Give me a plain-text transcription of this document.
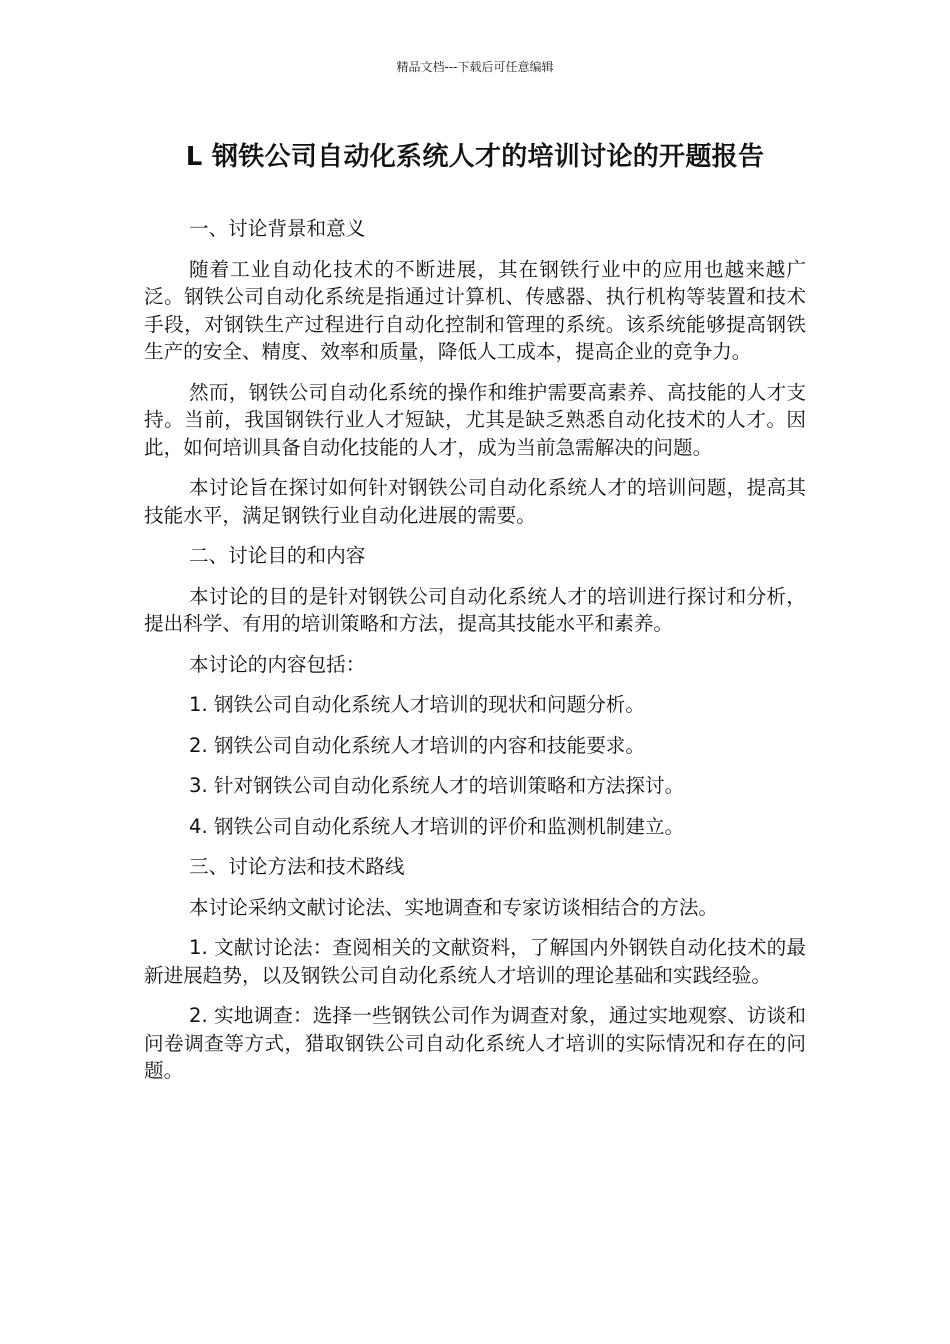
精品文档---下载后可任意编辑
L 钢铁公司自动化系统人才的培训讨论的开题报告

一、讨论背景和意义

随着工业自动化技术的不断进展，其在钢铁行业中的应用也越来越广泛。钢铁公司自动化系统是指通过计算机、传感器、执行机构等装置和技术手段，对钢铁生产过程进行自动化控制和管理的系统。该系统能够提高钢铁生产的安全、精度、效率和质量，降低人工成本，提高企业的竞争力。

然而，钢铁公司自动化系统的操作和维护需要高素养、高技能的人才支持。当前，我国钢铁行业人才短缺，尤其是缺乏熟悉自动化技术的人才。因此，如何培训具备自动化技能的人才，成为当前急需解决的问题。

本讨论旨在探讨如何针对钢铁公司自动化系统人才的培训问题，提高其技能水平，满足钢铁行业自动化进展的需要。

二、讨论目的和内容

本讨论的目的是针对钢铁公司自动化系统人才的培训进行探讨和分析，提出科学、有用的培训策略和方法，提高其技能水平和素养。

本讨论的内容包括：

1. 钢铁公司自动化系统人才培训的现状和问题分析。

2. 钢铁公司自动化系统人才培训的内容和技能要求。

3. 针对钢铁公司自动化系统人才的培训策略和方法探讨。

4. 钢铁公司自动化系统人才培训的评价和监测机制建立。

三、讨论方法和技术路线

本讨论采纳文献讨论法、实地调查和专家访谈相结合的方法。

1. 文献讨论法：查阅相关的文献资料，了解国内外钢铁自动化技术的最新进展趋势，以及钢铁公司自动化系统人才培训的理论基础和实践经验。

2. 实地调查：选择一些钢铁公司作为调查对象，通过实地观察、访谈和问卷调查等方式，猎取钢铁公司自动化系统人才培训的实际情况和存在的问题。
